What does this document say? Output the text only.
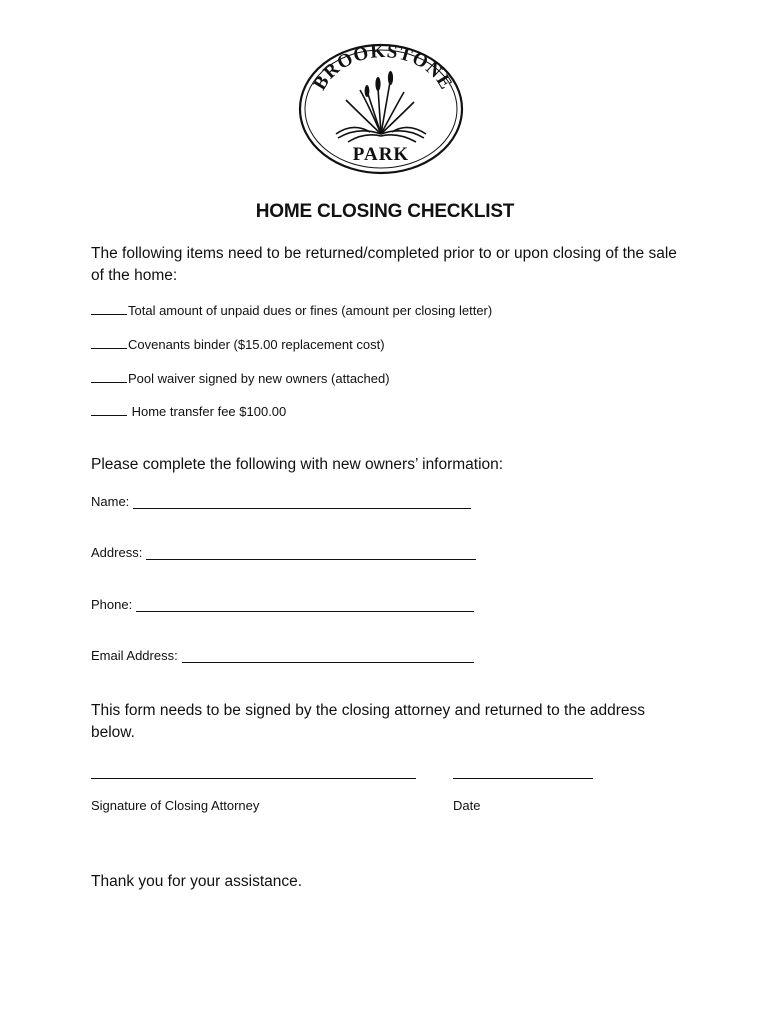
BROOKSTONE
PARK
HOME CLOSING CHECKLIST
The following items need to be returned/completed prior to or upon closing of the sale of the home:
Total amount of unpaid dues or fines (amount per closing letter)
Covenants binder ($15.00 replacement cost)
Pool waiver signed by new owners (attached)
Home transfer fee $100.00
Please complete the following with new owners’ information:
Name:
Address:
Phone:
Email Address:
This form needs to be signed by the closing attorney and returned to the address below.
Signature of Closing Attorney	Date
Thank you for your assistance.
